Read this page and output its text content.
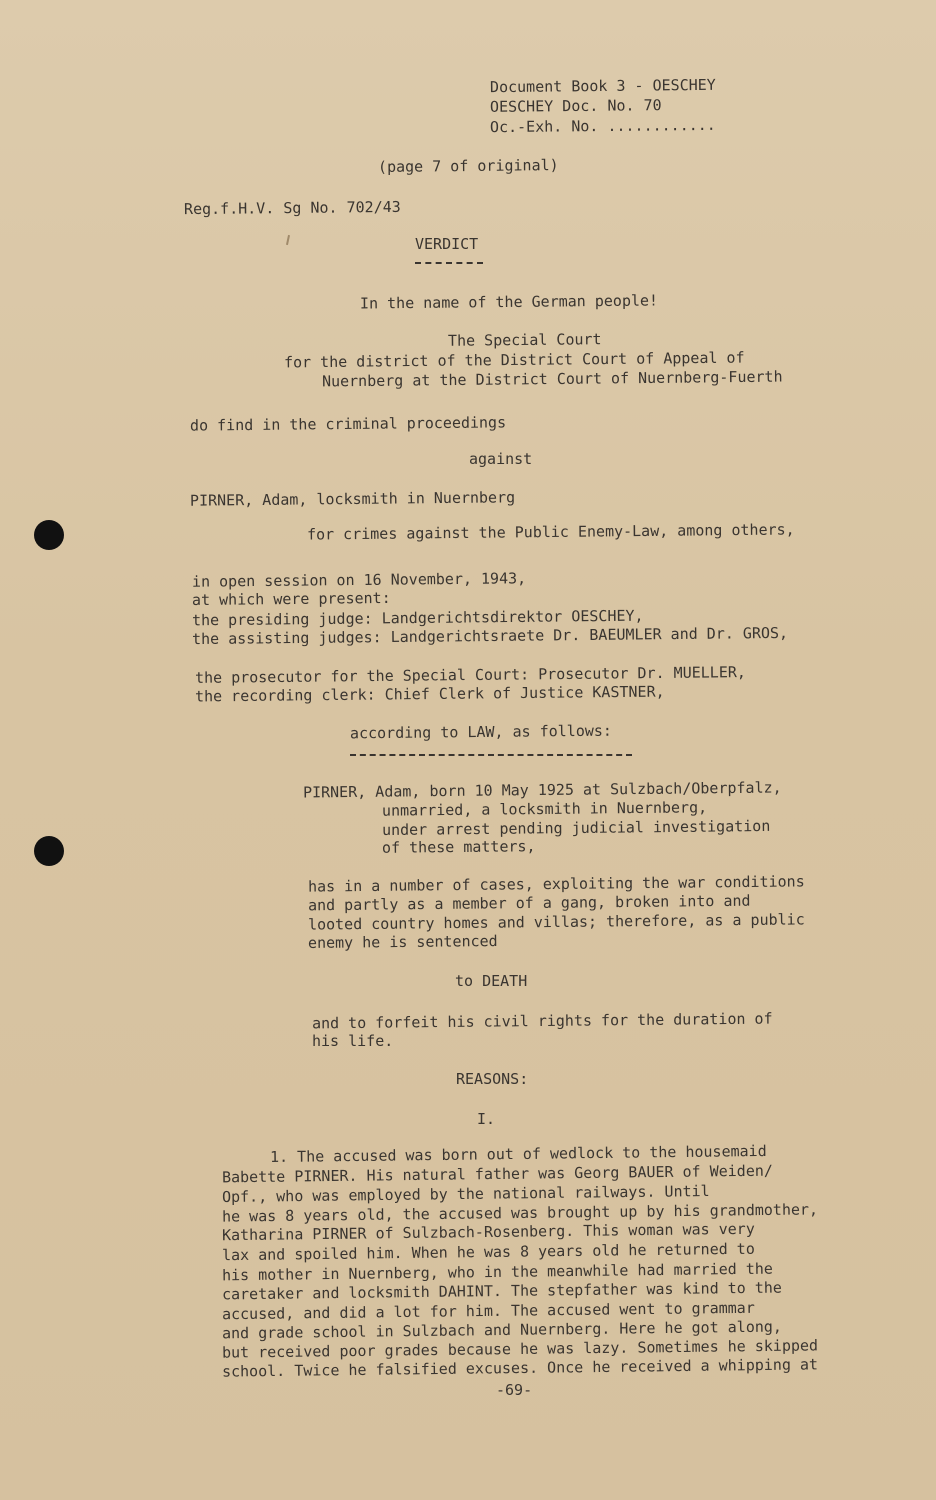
Document Book 3 - OESCHEY
OESCHEY Doc. No. 70
Oc.-Exh. No. ............
(page 7 of original)
Reg.f.H.V. Sg No. 702/43
VERDICT
In the name of the German people!
The Special Court
for the district of the District Court of Appeal of
Nuernberg at the District Court of Nuernberg-Fuerth
do find in the criminal proceedings
against
PIRNER, Adam, locksmith in Nuernberg
for crimes against the Public Enemy-Law, among others,
in open session on 16 November, 1943,
at which were present:
the presiding judge: Landgerichtsdirektor OESCHEY,
the assisting judges: Landgerichtsraete Dr. BAEUMLER and Dr. GROS,
the prosecutor for the Special Court: Prosecutor Dr. MUELLER,
the recording clerk: Chief Clerk of Justice KASTNER,
according to LAW, as follows:
PIRNER, Adam, born 10 May 1925 at Sulzbach/Oberpfalz,
unmarried, a locksmith in Nuernberg,
under arrest pending judicial investigation
of these matters,
has in a number of cases, exploiting the war conditions
and partly as a member of a gang, broken into and
looted country homes and villas; therefore, as a public
enemy he is sentenced
to DEATH
and to forfeit his civil rights for the duration of
his life.
REASONS:
I.
1. The accused was born out of wedlock to the housemaid
Babette PIRNER. His natural father was Georg BAUER of Weiden/
Opf., who was employed by the national railways. Until
he was 8 years old, the accused was brought up by his grandmother,
Katharina PIRNER of Sulzbach-Rosenberg. This woman was very
lax and spoiled him. When he was 8 years old he returned to
his mother in Nuernberg, who in the meanwhile had married the
caretaker and locksmith DAHINT. The stepfather was kind to the
accused, and did a lot for him. The accused went to grammar
and grade school in Sulzbach and Nuernberg. Here he got along,
but received poor grades because he was lazy. Sometimes he skipped
school. Twice he falsified excuses. Once he received a whipping at
-69-
